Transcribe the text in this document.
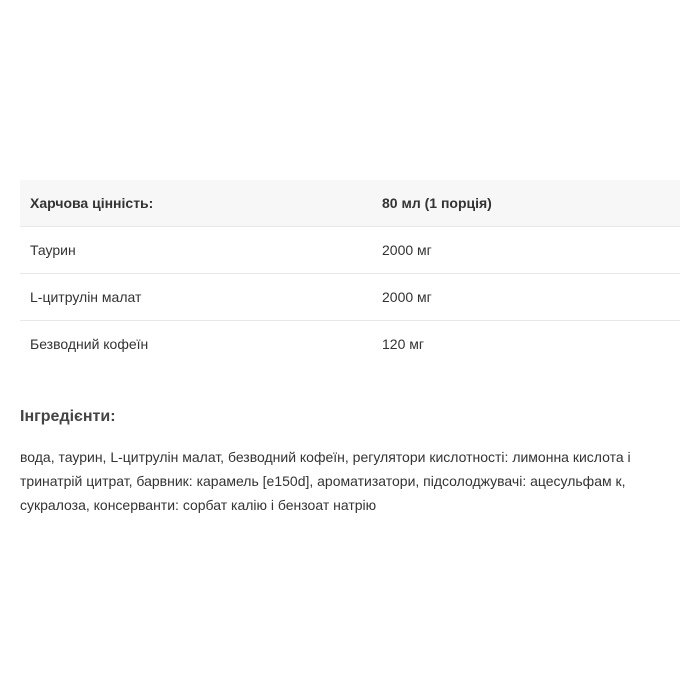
Харчова цінність:	80 мл (1 порція)
Таурин	2000 мг
L-цитрулін малат	2000 мг
Безводний кофеїн	120 мг
Інгредієнти:
вода, таурин, L-цитрулін малат, безводний кофеїн, регулятори кислотності: лимонна кислота і тринатрій цитрат, барвник: карамель [е150d], ароматизатори, підсолоджувачі: ацесульфам к, сукралоза, консерванти: сорбат калію і бензоат натрію
